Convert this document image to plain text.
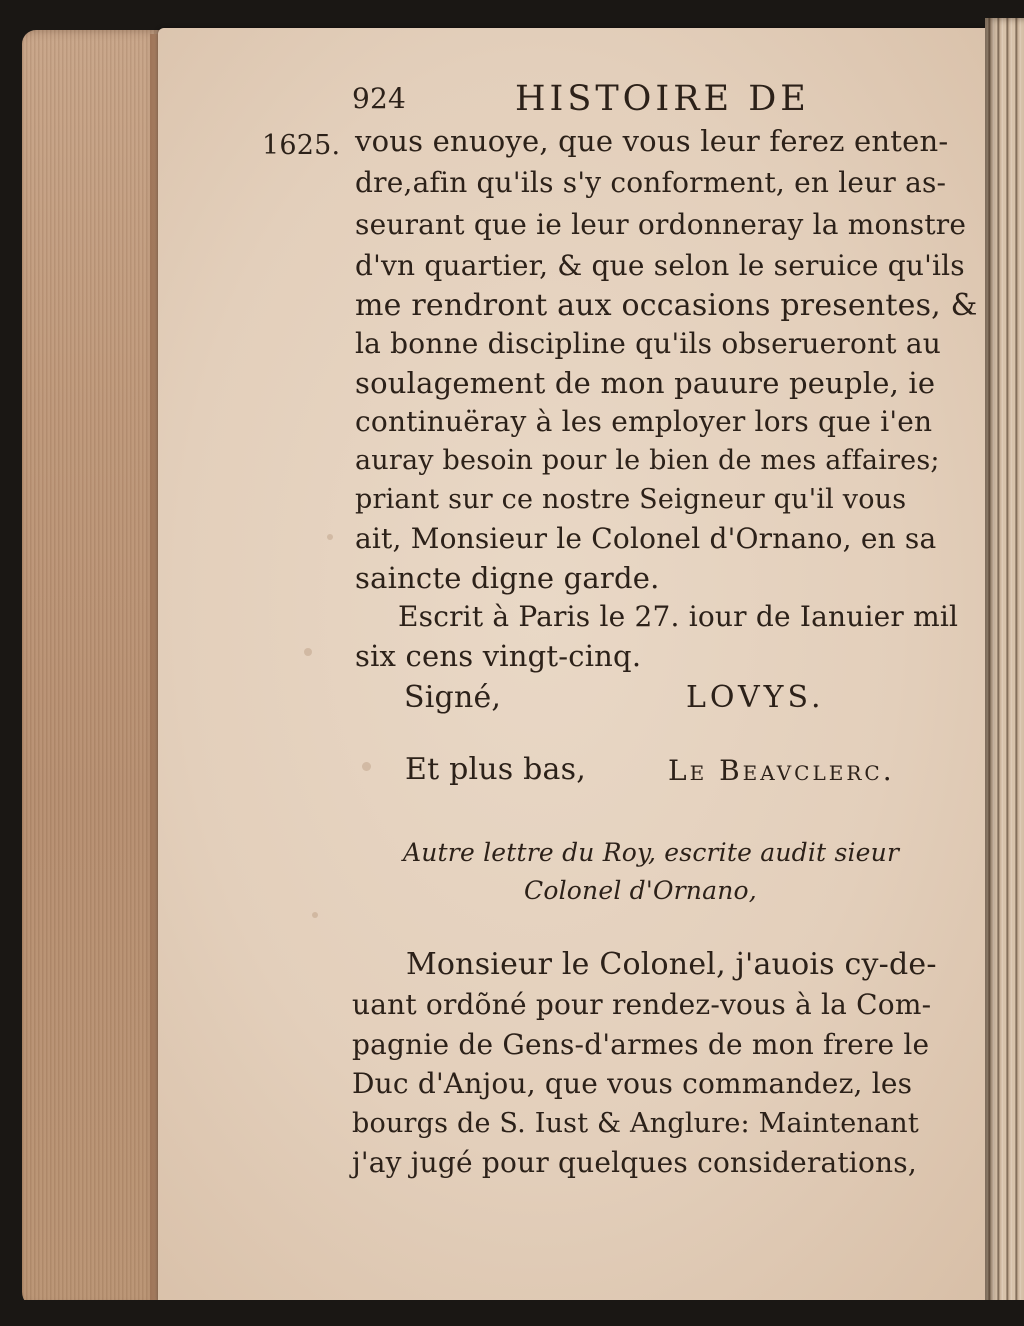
924	HISTOIRE DE
1625. vous enuoye, que vous leur ferez enten-
dre,afin qu'ils s'y conforment, en leur as-
seurant que ie leur ordonneray la monstre
d'vn quartier, & que selon le seruice qu'ils
me rendront aux occasions presentes, &
la bonne discipline qu'ils obserueront au
soulagement de mon pauure peuple, ie
continuëray à les employer lors que i'en
auray besoin pour le bien de mes affaires;
priant sur ce nostre Seigneur qu'il vous
ait, Monsieur le Colonel d'Ornano, en sa
saincte digne garde.
Escrit à Paris le 27. iour de Ianuier mil
six cens vingt-cinq.
Signé,	LOVYS.
Et plus bas,	Le Beavclerc.
Autre lettre du Roy, escrite audit sieur
Colonel d'Ornano,
Monsieur le Colonel, j'auois cy-de-
uant ordõné pour rendez-vous à la Com-
pagnie de Gens-d'armes de mon frere le
Duc d'Anjou, que vous commandez, les
bourgs de S. Iust & Anglure: Maintenant
j'ay jugé pour quelques considerations,
